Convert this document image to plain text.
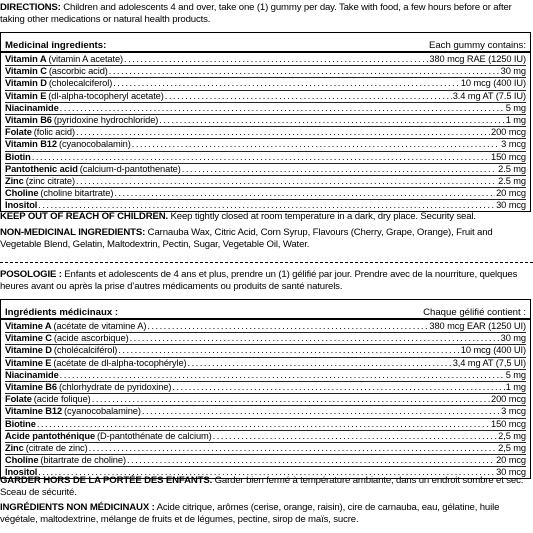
DIRECTIONS: Children and adolescents 4 and over, take one (1) gummy per day. Take with food, a few hours before or after taking other medications or natural health products.
Medicinal ingredients:	Each gummy contains:
Vitamin A (vitamin A acetate) .....	380 mcg RAE (1250 IU)
Vitamin C (ascorbic acid) .....	30 mg
Vitamin D (cholecalciferol) .....	10 mcg (400 IU)
Vitamin E (dl-alpha-tocopheryl acetate) .....	3.4 mg AT (7.5 IU)
Niacinamide .....	5 mg
Vitamin B6 (pyridoxine hydrochloride) .....	1 mg
Folate (folic acid) .....	200 mcg
Vitamin B12 (cyanocobalamin) .....	3 mcg
Biotin .....	150 mcg
Pantothenic acid (calcium-d-pantothenate) .....	2.5 mg
Zinc (zinc citrate) .....	2.5 mg
Choline (choline bitartrate) .....	20 mcg
Inositol .....	30 mcg
KEEP OUT OF REACH OF CHILDREN. Keep tightly closed at room temperature in a dark, dry place. Security seal.
NON-MEDICINAL INGREDIENTS: Carnauba Wax, Citric Acid, Corn Syrup, Flavours (Cherry, Grape, Orange), Fruit and Vegetable Blend, Gelatin, Maltodextrin, Pectin, Sugar, Vegetable Oil, Water.
POSOLOGIE : Enfants et adolescents de 4 ans et plus, prendre un (1) gélifié par jour. Prendre avec de la nourriture, quelques heures avant ou après la prise d’autres médicaments ou produits de santé naturels.
Ingrédients médicinaux :	Chaque gélifié contient :
Vitamine A (acétate de vitamine A) .....	380 mcg EAR (1250 UI)
Vitamine C (acide ascorbique) .....	30 mg
Vitamine D (cholécalciférol) .....	10 mcg (400 UI)
Vitamine E (acétate de dl-alpha-tocophéryle) .....	3,4 mg AT (7,5 UI)
Niacinamide .....	5 mg
Vitamine B6 (chlorhydrate de pyridoxine) .....	1 mg
Folate (acide folique) .....	200 mcg
Vitamine B12 (cyanocobalamine) .....	3 mcg
Biotine .....	150 mcg
Acide pantothénique (D-pantothénate de calcium) .....	2,5 mg
Zinc (citrate de zinc) .....	2,5 mg
Choline (bitartrate de choline) .....	20 mcg
Inositol .....	30 mcg
GARDER HORS DE LA PORTÉE DES ENFANTS. Garder bien fermé à température ambiante, dans un endroit sombre et sec. Sceau de sécurité.
INGRÉDIENTS NON MÉDICINAUX : Acide citrique, arômes (cerise, orange, raisin), cire de carnauba, eau, gélatine, huile végétale, maltodextrine, mélange de fruits et de légumes, pectine, sirop de maïs, sucre.
